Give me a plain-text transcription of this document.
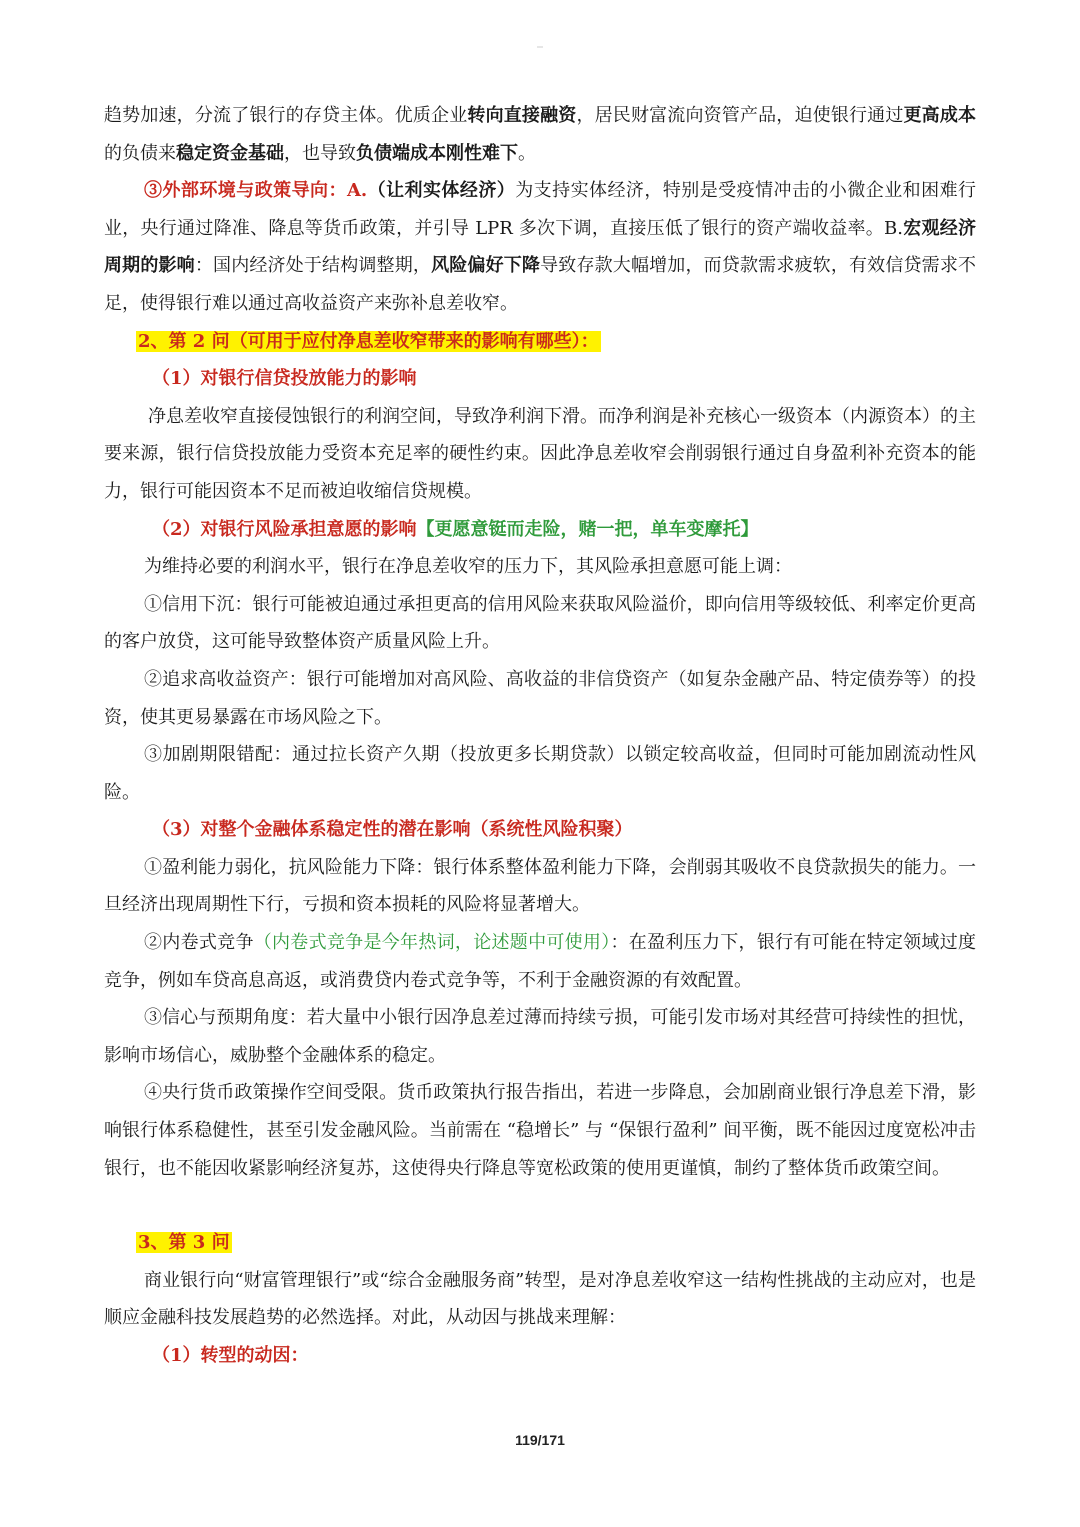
趋势加速，分流了银行的存贷主体。优质企业转向直接融资，居民财富流向资管产品，迫使银行通过更高成本的负债来稳定资金基础，也导致负债端成本刚性难下。

③外部环境与政策导向：A.（让利实体经济）为支持实体经济，特别是受疫情冲击的小微企业和困难行业，央行通过降准、降息等货币政策，并引导 LPR 多次下调，直接压低了银行的资产端收益率。B.宏观经济周期的影响：国内经济处于结构调整期，风险偏好下降导致存款大幅增加，而贷款需求疲软，有效信贷需求不足，使得银行难以通过高收益资产来弥补息差收窄。

2、第 2 问（可用于应付净息差收窄带来的影响有哪些）：

（1）对银行信贷投放能力的影响

净息差收窄直接侵蚀银行的利润空间，导致净利润下滑。而净利润是补充核心一级资本（内源资本）的主要来源，银行信贷投放能力受资本充足率的硬性约束。因此净息差收窄会削弱银行通过自身盈利补充资本的能力，银行可能因资本不足而被迫收缩信贷规模。

（2）对银行风险承担意愿的影响【更愿意铤而走险，赌一把，单车变摩托】

为维持必要的利润水平，银行在净息差收窄的压力下，其风险承担意愿可能上调：

①信用下沉：银行可能被迫通过承担更高的信用风险来获取风险溢价，即向信用等级较低、利率定价更高的客户放贷，这可能导致整体资产质量风险上升。

②追求高收益资产：银行可能增加对高风险、高收益的非信贷资产（如复杂金融产品、特定债券等）的投资，使其更易暴露在市场风险之下。

③加剧期限错配：通过拉长资产久期（投放更多长期贷款）以锁定较高收益，但同时可能加剧流动性风险。

（3）对整个金融体系稳定性的潜在影响（系统性风险积聚）

①盈利能力弱化，抗风险能力下降：银行体系整体盈利能力下降，会削弱其吸收不良贷款损失的能力。一旦经济出现周期性下行，亏损和资本损耗的风险将显著增大。

②内卷式竞争（内卷式竞争是今年热词，论述题中可使用）：在盈利压力下，银行有可能在特定领域过度竞争，例如车贷高息高返，或消费贷内卷式竞争等，不利于金融资源的有效配置。

③信心与预期角度：若大量中小银行因净息差过薄而持续亏损，可能引发市场对其经营可持续性的担忧，影响市场信心，威胁整个金融体系的稳定。

④央行货币政策操作空间受限。货币政策执行报告指出，若进一步降息，会加剧商业银行净息差下滑，影响银行体系稳健性，甚至引发金融风险。当前需在 “稳增长” 与 “保银行盈利” 间平衡，既不能因过度宽松冲击银行，也不能因收紧影响经济复苏，这使得央行降息等宽松政策的使用更谨慎，制约了整体货币政策空间。

3、第 3 问

商业银行向“财富管理银行”或“综合金融服务商”转型，是对净息差收窄这一结构性挑战的主动应对，也是顺应金融科技发展趋势的必然选择。对此，从动因与挑战来理解：

（1）转型的动因：

119/171
